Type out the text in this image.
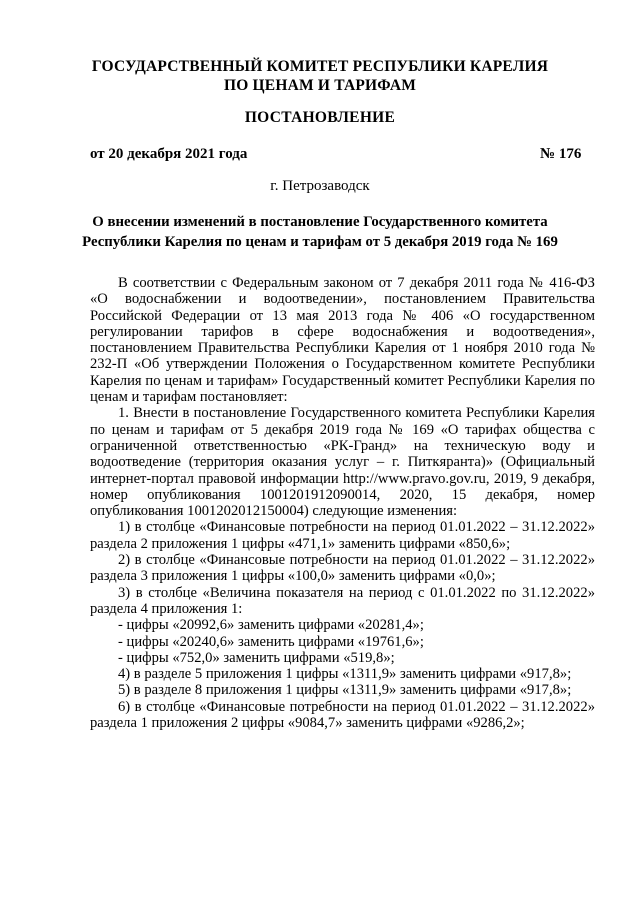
ГОСУДАРСТВЕННЫЙ КОМИТЕТ РЕСПУБЛИКИ КАРЕЛИЯ
ПО ЦЕНАМ И ТАРИФАМ
ПОСТАНОВЛЕНИЕ
от 20 декабря 2021 года	№ 176
г. Петрозаводск
О внесении изменений в постановление Государственного комитета
Республики Карелия по ценам и тарифам от 5 декабря 2019 года № 169

В соответствии с Федеральным законом от 7 декабря 2011 года № 416-ФЗ «О водоснабжении и водоотведении», постановлением Правительства Российской Федерации от 13 мая 2013 года № 406 «О государственном регулировании тарифов в сфере водоснабжения и водоотведения», постановлением Правительства Республики Карелия от 1 ноября 2010 года № 232-П «Об утверждении Положения о Государственном комитете Республики Карелия по ценам и тарифам» Государственный комитет Республики Карелия по ценам и тарифам постановляет:

1. Внести в постановление Государственного комитета Республики Карелия по ценам и тарифам от 5 декабря 2019 года № 169 «О тарифах общества с ограниченной ответственностью «РК-Гранд» на техническую воду и водоотведение (территория оказания услуг – г. Питкяранта)» (Официальный интернет-портал правовой информации http://www.pravo.gov.ru, 2019, 9 декабря, номер опубликования 1001201912090014, 2020, 15 декабря, номер опубликования 1001202012150004) следующие изменения:

1) в столбце «Финансовые потребности на период 01.01.2022 – 31.12.2022» раздела 2 приложения 1 цифры «471,1» заменить цифрами «850,6»;

2) в столбце «Финансовые потребности на период 01.01.2022 – 31.12.2022» раздела 3 приложения 1 цифры «100,0» заменить цифрами «0,0»;

3) в столбце «Величина показателя на период с 01.01.2022 по 31.12.2022» раздела 4 приложения 1:

- цифры «20992,6» заменить цифрами «20281,4»;

- цифры «20240,6» заменить цифрами «19761,6»;

- цифры «752,0» заменить цифрами «519,8»;

4) в разделе 5 приложения 1 цифры «1311,9» заменить цифрами «917,8»;

5) в разделе 8 приложения 1 цифры «1311,9» заменить цифрами «917,8»;

6) в столбце «Финансовые потребности на период 01.01.2022 – 31.12.2022» раздела 1 приложения 2 цифры «9084,7» заменить цифрами «9286,2»;
